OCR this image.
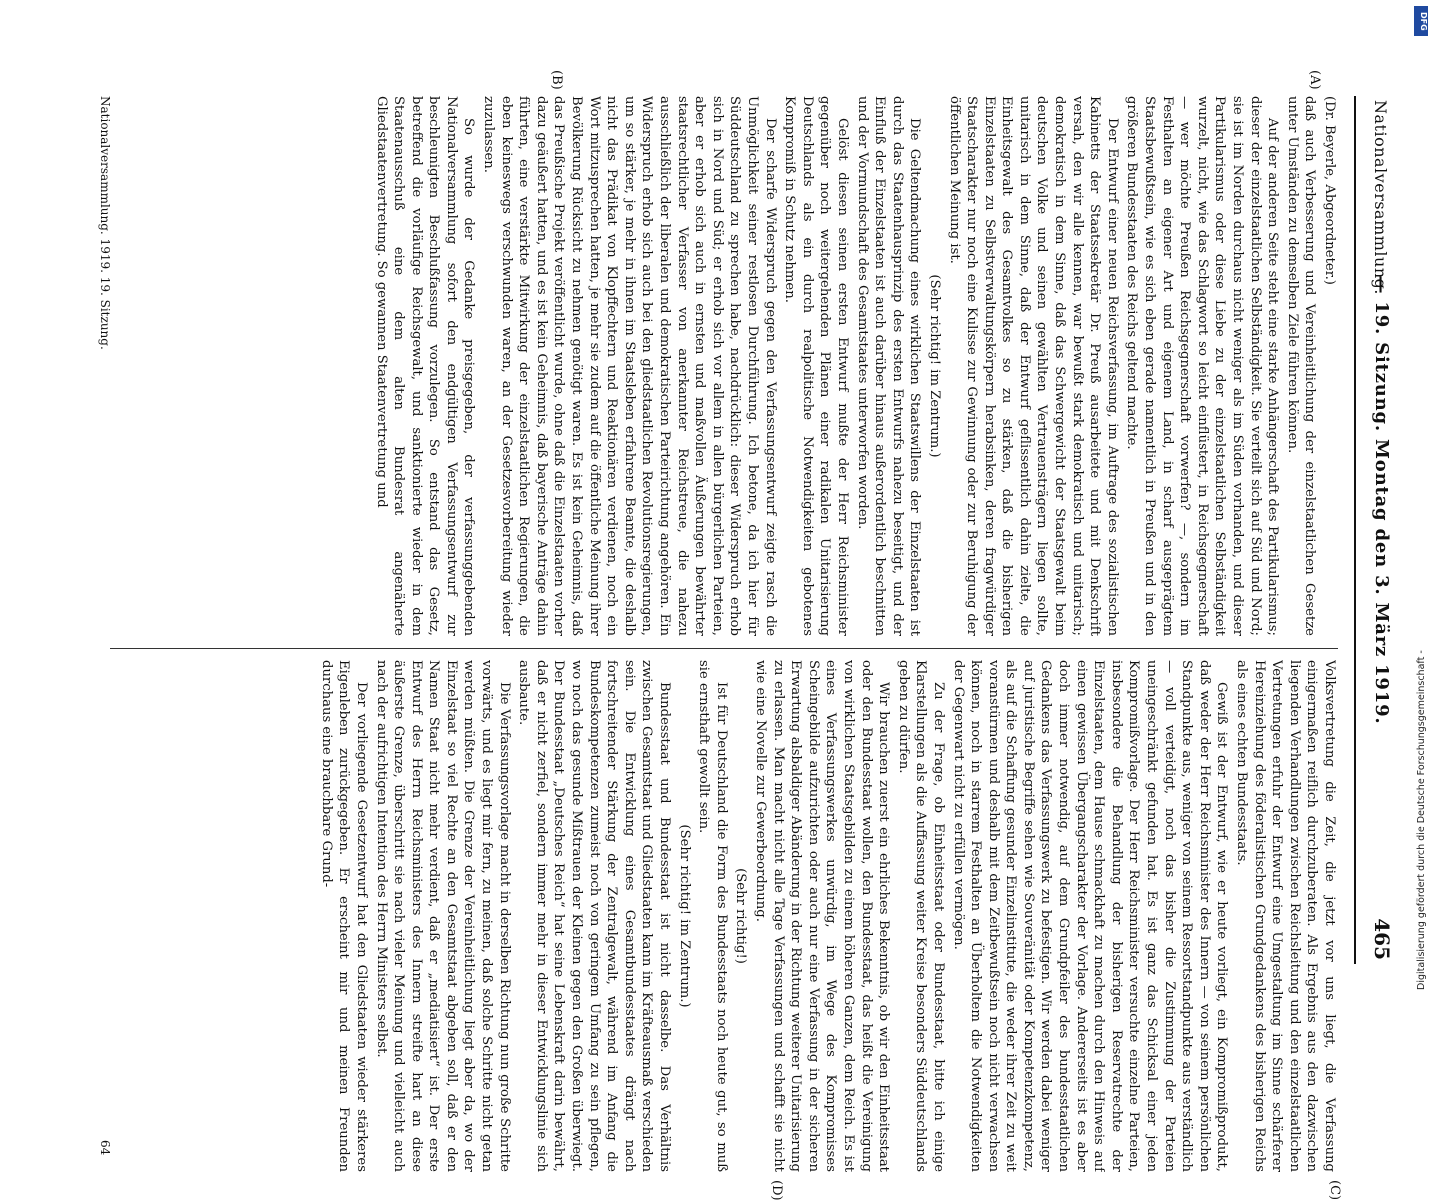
Nationalversammlung.
— 19. Sitzung. Montag den 3. März 1919.
465
(A)
(B)
(C)
(D)

(Dr. Beyerle, Abgeordneter.)

daß auch Verbesserung und Vereinheitlichung der einzelstaatlichen Gesetze unter Umständen zu demselben Ziele führen können.

Auf der anderen Seite steht eine starke Anhängerschaft des Partikularismus; dieser der einzelstaatlichen Selbständigkeit. Sie verteilt sich auf Süd und Nord; sie ist im Norden durchaus nicht weniger als im Süden vorhanden, und dieser Partikularismus oder diese Liebe zu der einzelstaatlichen Selbständigkeit wurzelt, nicht, wie das Schlagwort so leicht einflüstert, in Reichsgegnerschaft — wer möchte Preußen Reichsgegnerschaft vorwerfen? —, sondern im Festhalten an eigener Art und eigenem Land, in scharf ausgeprägtem Staatsbewußtsein, wie es sich eben gerade namentlich in Preußen und in den größeren Bundesstaaten des Reichs geltend machte.

Der Entwurf einer neuen Reichsverfassung, im Auftrage des sozialistischen Kabinetts der Staatssekretär Dr. Preuß ausarbeitete und mit Denkschrift versah, den wir alle kennen, war bewußt stark demokratisch und unitarisch; demokratisch in dem Sinne, daß das Schwergewicht der Staatsgewalt beim deutschen Volke und seinen gewählten Vertrauensträgern liegen sollte, unitarisch in dem Sinne, daß der Entwurf geflissentlich dahin zielte, die Einheitsgewalt des Gesamtvolkes so zu stärken, daß die bisherigen Einzelstaaten zu Selbstverwaltungskörpern herabsinken, deren fragwürdiger Staatscharakter nur noch eine Kulisse zur Gewinnung oder zur Beruhigung der öffentlichen Meinung ist.

(Sehr richtig! im Zentrum.)

Die Geltendmachung eines wirklichen Staatswillens der Einzelstaaten ist durch das Staatenhausprinzip des ersten Entwurfs nahezu beseitigt, und der Einfluß der Einzelstaaten ist auch darüber hinaus außerordentlich beschnitten und der Vormundschaft des Gesamtstaates unterworfen worden.

Gelöst diesen seinen ersten Entwurf mußte der Herr Reichsminister gegenüber noch weitergehenden Plänen einer radikalen Unitarisierung Deutschlands als ein durch realpolitische Notwendigkeiten gebotenes Kompromiß in Schutz nehmen.

Der scharfe Widerspruch gegen den Verfassungsentwurf zeigte rasch die Unmöglichkeit seiner restlosen Durchführung. Ich betone, da ich hier für Süddeutschland zu sprechen habe, nachdrücklich: dieser Widerspruch erhob sich in Nord und Süd; er erhob sich vor allem in allen bürgerlichen Parteien, aber er erhob sich auch in ernsten und maßvollen Äußerungen bewährter staatsrechtlicher Verfasser von anerkannter Reichstreue, die nahezu ausschließlich der liberalen und demokratischen Parteirichtung angehören. Ein Widerspruch erhob sich auch bei den gliedstaatlichen Revolutionsregierungen, um so stärker, je mehr in ihnen im Staatsleben erfahrene Beamte, die deshalb nicht das Prädikat von Klopffechtern und Reaktionären verdienen, noch ein Wort mitzusprechen hatten, je mehr sie zudem auf die öffentliche Meinung ihrer Bevölkerung Rücksicht zu nehmen genötigt waren. Es ist kein Geheimnis, daß das Preußische Projekt veröffentlicht wurde, ohne daß die Einzelstaaten vorher dazu geäußert hatten, und es ist kein Geheimnis, daß bayerische Anträge dahin führten, eine verstärkte Mitwirkung der einzelstaatlichen Regierungen, die eben keineswegs verschwunden waren, an der Gesetzesvorbereitung wieder zuzulassen.

So wurde der Gedanke preisgegeben, der verfassunggebenden Nationalversammlung sofort den endgültigen Verfassungsentwurf zur beschleunigten Beschlußfassung vorzulegen. So entstand das Gesetz, betreffend die vorläufige Reichsgewalt, und sanktionierte wieder in dem Staatenausschuß eine dem alten Bundesrat angenäherte Gliedstaatenvertretung. So gewannen Staatenvertretung und

Volksvertretung die Zeit, die jetzt vor uns liegt, die Verfassung einigermaßen reiflich durchzuberaten. Als Ergebnis aus den dazwischen liegenden Verhandlungen zwischen Reichsleitung und den einzelstaatlichen Vertretungen erfuhr der Entwurf eine Umgestaltung im Sinne schärferer Hereinziehung des föderalistischen Grundgedankens des bisherigen Reichs als eines echten Bundesstaats.

Gewiß ist der Entwurf, wie er heute vorliegt, ein Kompromißprodukt, daß weder der Herr Reichsminister des Innern — von seinem persönlichen Standpunkte aus, weniger von seinem Ressortstandpunkte aus verständlich — voll verteidigt, noch das bisher die Zustimmung der Parteien uneingeschränkt gefunden hat. Es ist ganz das Schicksal einer jeden Kompromißvorlage. Der Herr Reichsminister versuchte einzelne Parteien, insbesondere die Behandlung der bisherigen Reservatrechte der Einzelstaaten, dem Hause schmackhaft zu machen durch den Hinweis auf einen gewissen Übergangscharakter der Vorlage. Andererseits ist es aber doch immer notwendig, auf dem Grundpfeiler des bundesstaatlichen Gedankens das Verfassungswerk zu befestigen. Wir werden dabei weniger auf juristische Begriffe sehen wie Souveränität oder Kompetenzkompetenz, als auf die Schaffung gesunder Einzelinstitute, die weder ihrer Zeit zu weit voranstürmen und deshalb mit dem Zeitbewußtsein noch nicht verwachsen können, noch in starrem Festhalten an Überholtem die Notwendigkeiten der Gegenwart nicht zu erfüllen vermögen.

Zu der Frage, ob Einheitsstaat oder Bundesstaat, bitte ich einige Klarstellungen als die Auffassung weiter Kreise besonders Süddeutschlands geben zu dürfen.

Wir brauchen zuerst ein ehrliches Bekenntnis, ob wir den Einheitsstaat oder den Bundesstaat wollen, den Bundesstaat, das heißt die Vereinigung von wirklichen Staatsgebilden zu einem höheren Ganzen, dem Reich. Es ist eines Verfassungswerkes unwürdig, im Wege des Kompromisses Scheingebilde aufzurichten oder auch nur eine Verfassung in der sicheren Erwartung alsbaldiger Abänderung in der Richtung weiterer Unitarisierung zu erlassen. Man macht nicht alle Tage Verfassungen und schafft sie nicht wie eine Novelle zur Gewerbeordnung.

(Sehr richtig!)

Ist für Deutschland die Form des Bundesstaats noch heute gut, so muß sie ernsthaft gewollt sein.

(Sehr richtig! im Zentrum.)

Bundesstaat und Bundesstaat ist nicht dasselbe. Das Verhältnis zwischen Gesamtstaat und Gliedstaaten kann im Kräfteausmaß verschieden sein. Die Entwicklung eines Gesamtbundesstaates drängt nach fortschreitender Stärkung der Zentralgewalt, während im Anfang die Bundeskompetenzen zumeist noch von geringem Umfang zu sein pflegen, wo noch das gesunde Mißtrauen der Kleinen gegen den Großen überwiegt. Der Bundesstaat „Deutsches Reich“ hat seine Lebenskraft darin bewährt, daß er nicht zerfiel, sondern immer mehr in dieser Entwicklungslinie sich ausbaute.

Die Verfassungsvorlage macht in derselben Richtung nun große Schritte vorwärts, und es liegt mir fern, zu meinen, daß solche Schritte nicht getan werden müßten. Die Grenze der Vereinheitlichung liegt aber da, wo der Einzelstaat so viel Rechte an den Gesamtstaat abgeben soll, daß er den Namen Staat nicht mehr verdient, daß er „mediatisiert“ ist. Der erste Entwurf des Herrn Reichsministers des Innern streifte hart an diese äußerste Grenze, überschritt sie nach vieler Meinung und vielleicht auch nach der aufrichtigen Intention des Herrn Ministers selbst.

Der vorliegende Gesetzentwurf hat den Gliedstaaten wieder stärkeres Eigenleben zurückgegeben. Er erscheint mir und meinen Freunden durchaus eine brauchbare Grund-

Nationalversammlung. 1919. 19. Sitzung.
64
DFG
Digitalisierung gefördert durch die Deutsche Forschungsgemeinschaft -
